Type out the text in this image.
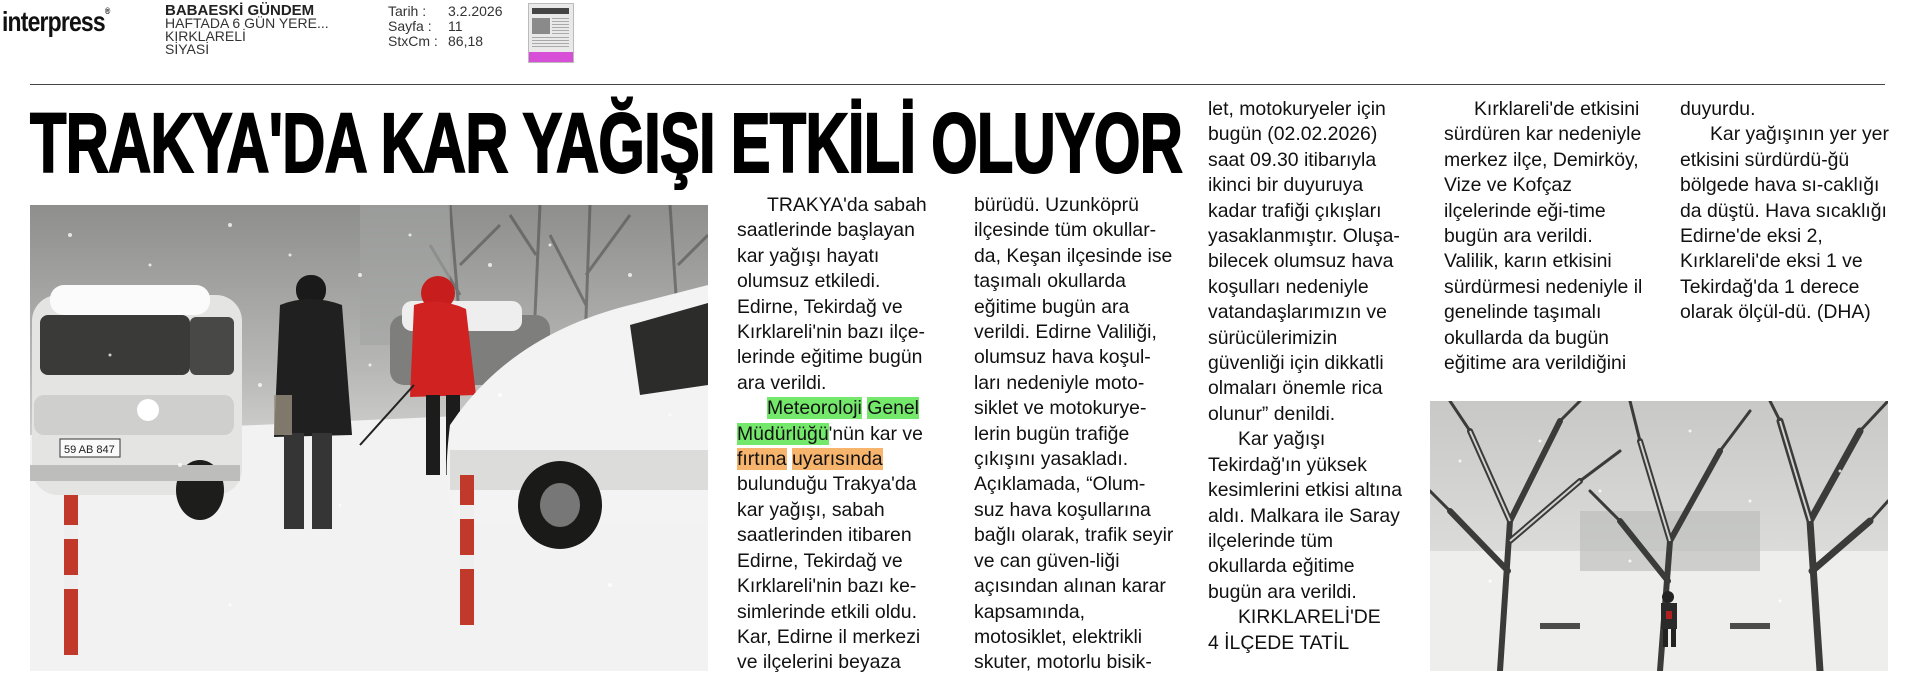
interpress®	BABAESKİ GÜNDEM
HAFTADA 6 GÜN YERE...
KIRKLARELİ
SİYASİ
Tarih :	3.2.2026
Sayfa :	11
StxCm : 86,18
TRAKYA'DA KAR YAĞIŞI ETKİLİ OLUYOR
59 AB 847

TRAKYA'da sabah saatlerinde başlayan kar yağışı hayatı olumsuz etkiledi. Edirne, Tekirdağ ve Kırklareli'nin bazı ilçe-lerinde eğitime bugün ara verildi.

Meteoroloji Genel Müdürlüğü'nün kar ve fırtına uyarısında bulunduğu Trakya'da kar yağışı, sabah saatlerinden itibaren Edirne, Tekirdağ ve Kırklareli'nin bazı ke-simlerinde etkili oldu. Kar, Edirne il merkezi ve ilçelerini beyaza

bürüdü. Uzunköprü ilçesinde tüm okullar-da, Keşan ilçesinde ise taşımalı okullarda eğitime bugün ara verildi. Edirne Valiliği, olumsuz hava koşul-ları nedeniyle moto-siklet ve motokurye-lerin bugün trafiğe çıkışını yasakladı. Açıklamada, “Olum-suz hava koşullarına bağlı olarak, trafik seyir ve can güven-liği açısından alınan karar kapsamında, motosiklet, elektrikli skuter, motorlu bisik-

let, motokuryeler için bugün (02.02.2026) saat 09.30 itibarıyla ikinci bir duyuruya kadar trafiği çıkışları yasaklanmıştır. Oluşa-bilecek olumsuz hava koşulları nedeniyle vatandaşlarımızın ve sürücülerimizin güvenliği için dikkatli olmaları önemle rica olunur” denildi.

Kar yağışı Tekirdağ'ın yüksek kesimlerini etkisi altına aldı. Malkara ile Saray ilçelerinde tüm okullarda eğitime bugün ara verildi.

KIRKLARELİ'DE

4 İLÇEDE TATİL

Kırklareli'de etkisini sürdüren kar nedeniyle merkez ilçe, Demirköy, Vize ve Kofçaz ilçelerinde eği-time bugün ara verildi. Valilik, karın etkisini sürdürmesi nedeniyle il genelinde taşımalı okullarda da bugün eğitime ara verildiğini

duyurdu.

Kar yağışının yer yer etkisini sürdürdü-ğü bölgede hava sı-caklığı da düştü. Hava sıcaklığı Edirne'de eksi 2, Kırklareli'de eksi 1 ve Tekirdağ'da 1 derece olarak ölçül-dü. (DHA)
